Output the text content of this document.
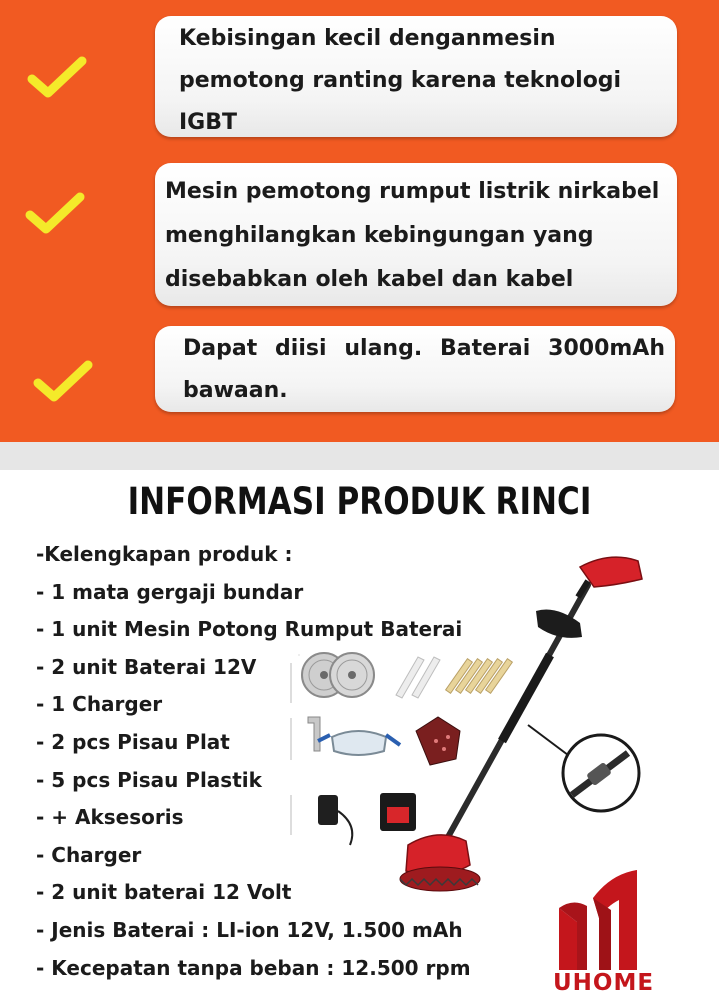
Kebisingan kecil denganmesin pemotong ranting karena teknologi IGBT
Mesin pemotong rumput listrik nirkabel menghilangkan kebingungan yang disebabkan oleh kabel dan kabel
Dapat diisi ulang. Baterai 3000mAh bawaan.
INFORMASI PRODUK RINCI
-Kelengkapan produk :
- 1 mata gergaji bundar
- 1 unit Mesin Potong Rumput Baterai
- 2 unit Baterai 12V
- 1 Charger
- 2 pcs Pisau Plat
- 5 pcs Pisau Plastik
- + Aksesoris
- Charger
- 2 unit baterai 12 Volt
- Jenis Baterai : LI-ion 12V, 1.500 mAh
- Kecepatan tanpa beban : 12.500 rpm
UHOME
